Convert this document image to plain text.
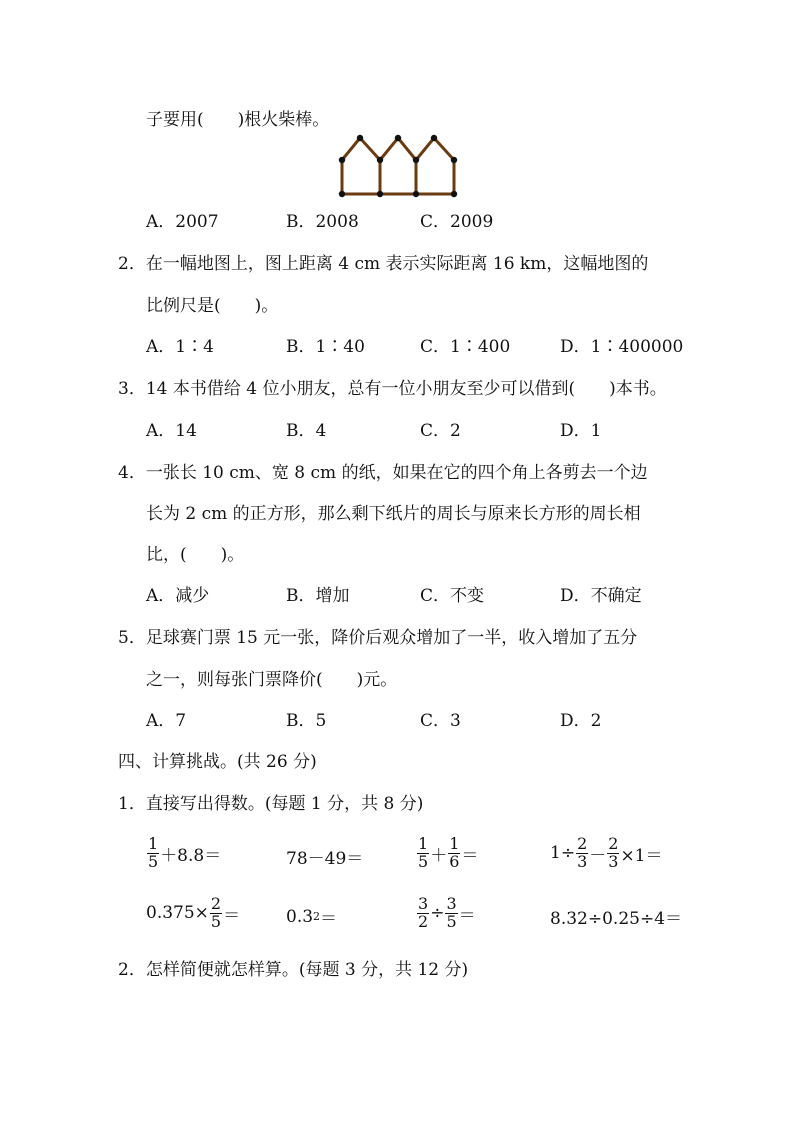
子要用(　　)根火柴棒。
A．2007	B．2008	C．2009
2．在一幅地图上，图上距离 4 cm 表示实际距离 16 km，这幅地图的
比例尺是(　　)。
A．1∶4	B．1∶40	C．1∶400	D．1∶400000
3．14 本书借给 4 位小朋友，总有一位小朋友至少可以借到(　　)本书。
A．14	B．4	C．2	D．1
4．一张长 10 cm、宽 8 cm 的纸，如果在它的四个角上各剪去一个边
长为 2 cm 的正方形，那么剩下纸片的周长与原来长方形的周长相
比，(　　)。
A．减少	B．增加	C．不变	D．不确定
5．足球赛门票 15 元一张，降价后观众增加了一半，收入增加了五分
之一，则每张门票降价(　　)元。
A．7	B．5	C．3	D．2
四、计算挑战。(共 26 分)
1．直接写出得数。(每题 1 分，共 8 分)
$\frac{1}{5} +8.8=$	78－49＝	$\frac{1}{5} + \frac{1}{6}$ ＝	$1\div \frac{2}{3} - \frac{2}{3} \times 1=$
$0.375\times \frac{2}{5}$ ＝	0.3 2 ＝	$\frac{3}{2} \div \frac{3}{5}$ ＝	8.32÷0.25÷4＝
2．怎样简便就怎样算。(每题 3 分，共 12 分)
